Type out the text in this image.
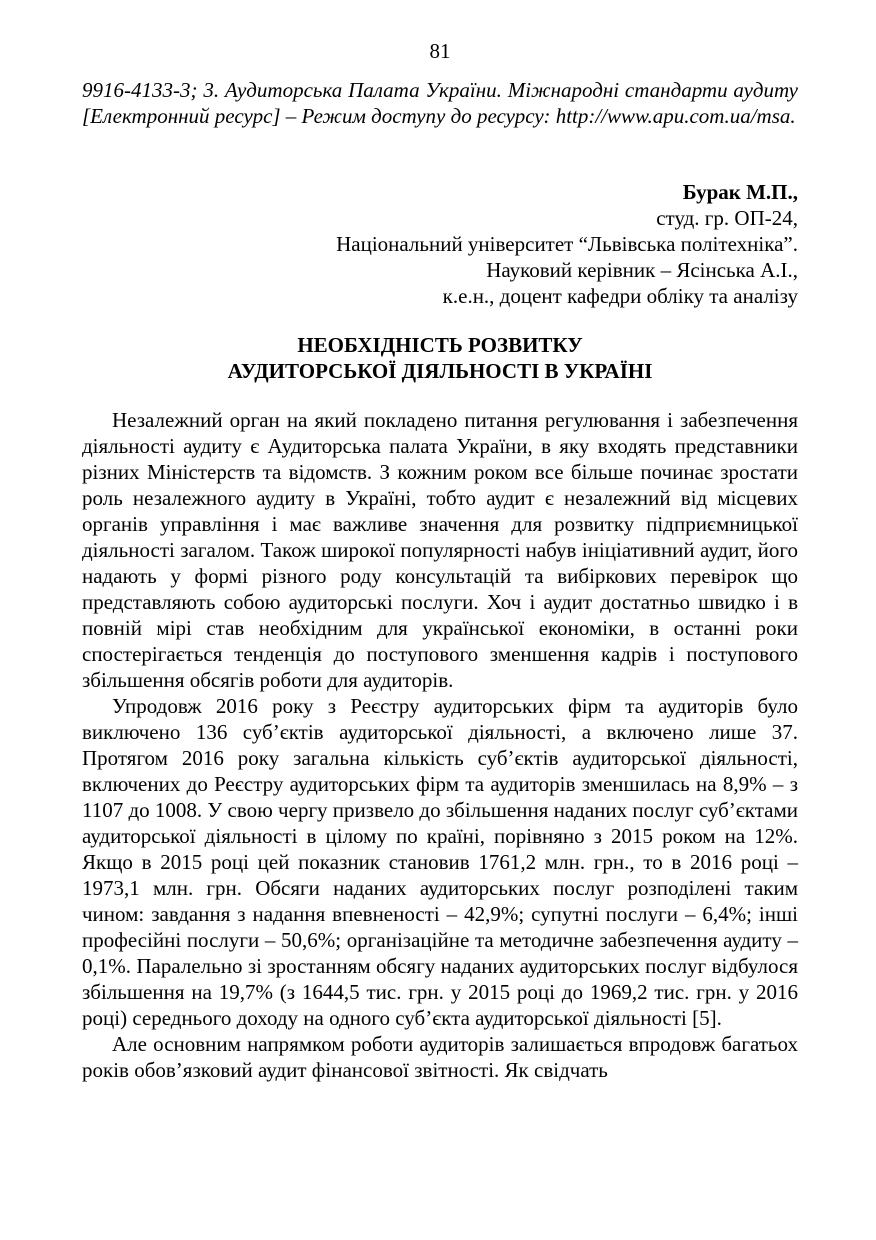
81

9916-4133-3; 3. Аудиторська Палата України. Міжнародні стандарти аудиту [Електронний ресурс] – Режим доступу до ресурсу: http://www.apu.com.ua/msa.

Бурак М.П.,
студ. гр. ОП-24,
Національний університет “Львівська політехніка”.
Науковий керівник – Ясінська А.І.,
к.е.н., доцент кафедри обліку та аналізу
НЕОБХІДНІСТЬ РОЗВИТКУ
АУДИТОРСЬКОЇ ДІЯЛЬНОСТІ В УКРАЇНІ

Незалежний орган на який покладено питання регулювання і забезпечення діяльності аудиту є Аудиторська палата України, в яку входять представники різних Міністерств та відомств. З кожним роком все більше починає зростати роль незалежного аудиту в Україні, тобто аудит є незалежний від місцевих органів управління і має важливе значення для розвитку підприємницької діяльності загалом. Також широкої популярності набув ініціативний аудит, його надають у формі різного роду консультацій та вибіркових перевірок що представляють собою аудиторські послуги. Хоч і аудит достатньо швидко і в повній мірі став необхідним для української економіки, в останні роки спостерігається тенденція до поступового зменшення кадрів і поступового збільшення обсягів роботи для аудиторів.

Упродовж 2016 року з Реєстру аудиторських фірм та аудиторів було виключено 136 суб’єктів аудиторської діяльності, а включено лише 37. Протягом 2016 року загальна кількість суб’єктів аудиторської діяльності, включених до Реєстру аудиторських фірм та аудиторів зменшилась на 8,9% – з 1107 до 1008. У свою чергу призвело до збільшення наданих послуг суб’єктами аудиторської діяльності в цілому по країні, порівняно з 2015 роком на 12%. Якщо в 2015 році цей показник становив 1761,2 млн. грн., то в 2016 році – 1973,1 млн. грн. Обсяги наданих аудиторських послуг розподілені таким чином: завдання з надання впевненості – 42,9%; супутні послуги – 6,4%; інші професійні послуги – 50,6%; організаційне та методичне забезпечення аудиту – 0,1%. Паралельно зі зростанням обсягу наданих аудиторських послуг відбулося збільшення на 19,7% (з 1644,5 тис. грн. у 2015 році до 1969,2 тис. грн. у 2016 році) середнього доходу на одного суб’єкта аудиторської діяльності [5].

Але основним напрямком роботи аудиторів залишається впродовж багатьох років обов’язковий аудит фінансової звітності. Як свідчать
